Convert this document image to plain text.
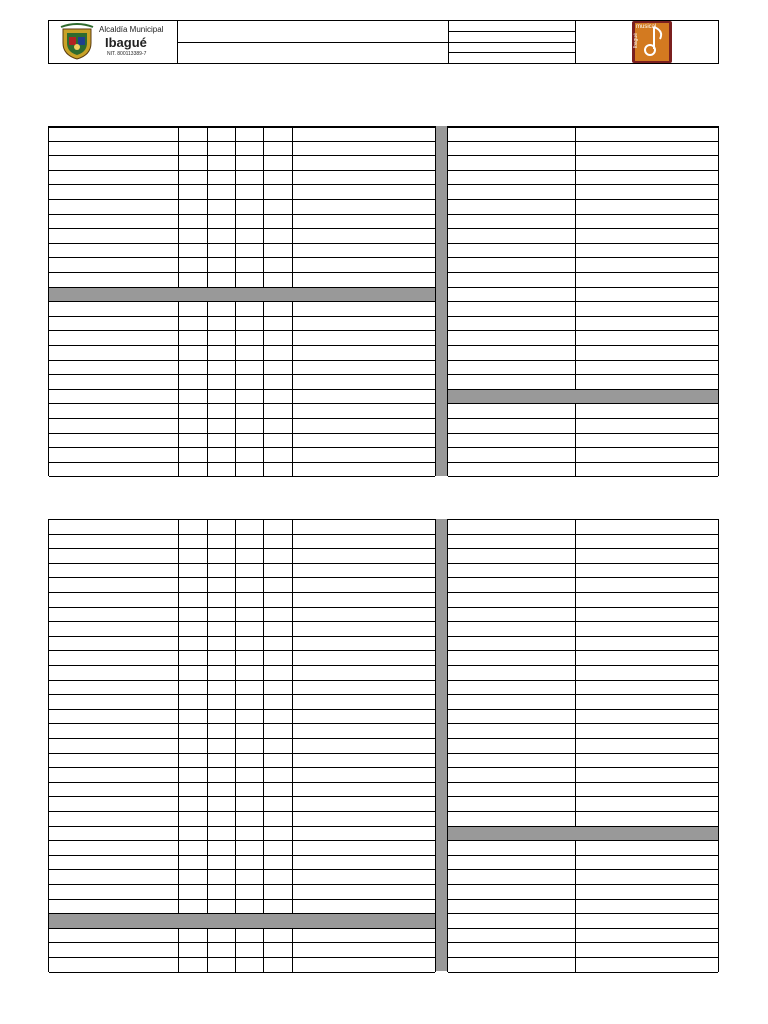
Alcaldía Municipal
Ibagué
NIT. 800113389-7
musical
Ibagué
